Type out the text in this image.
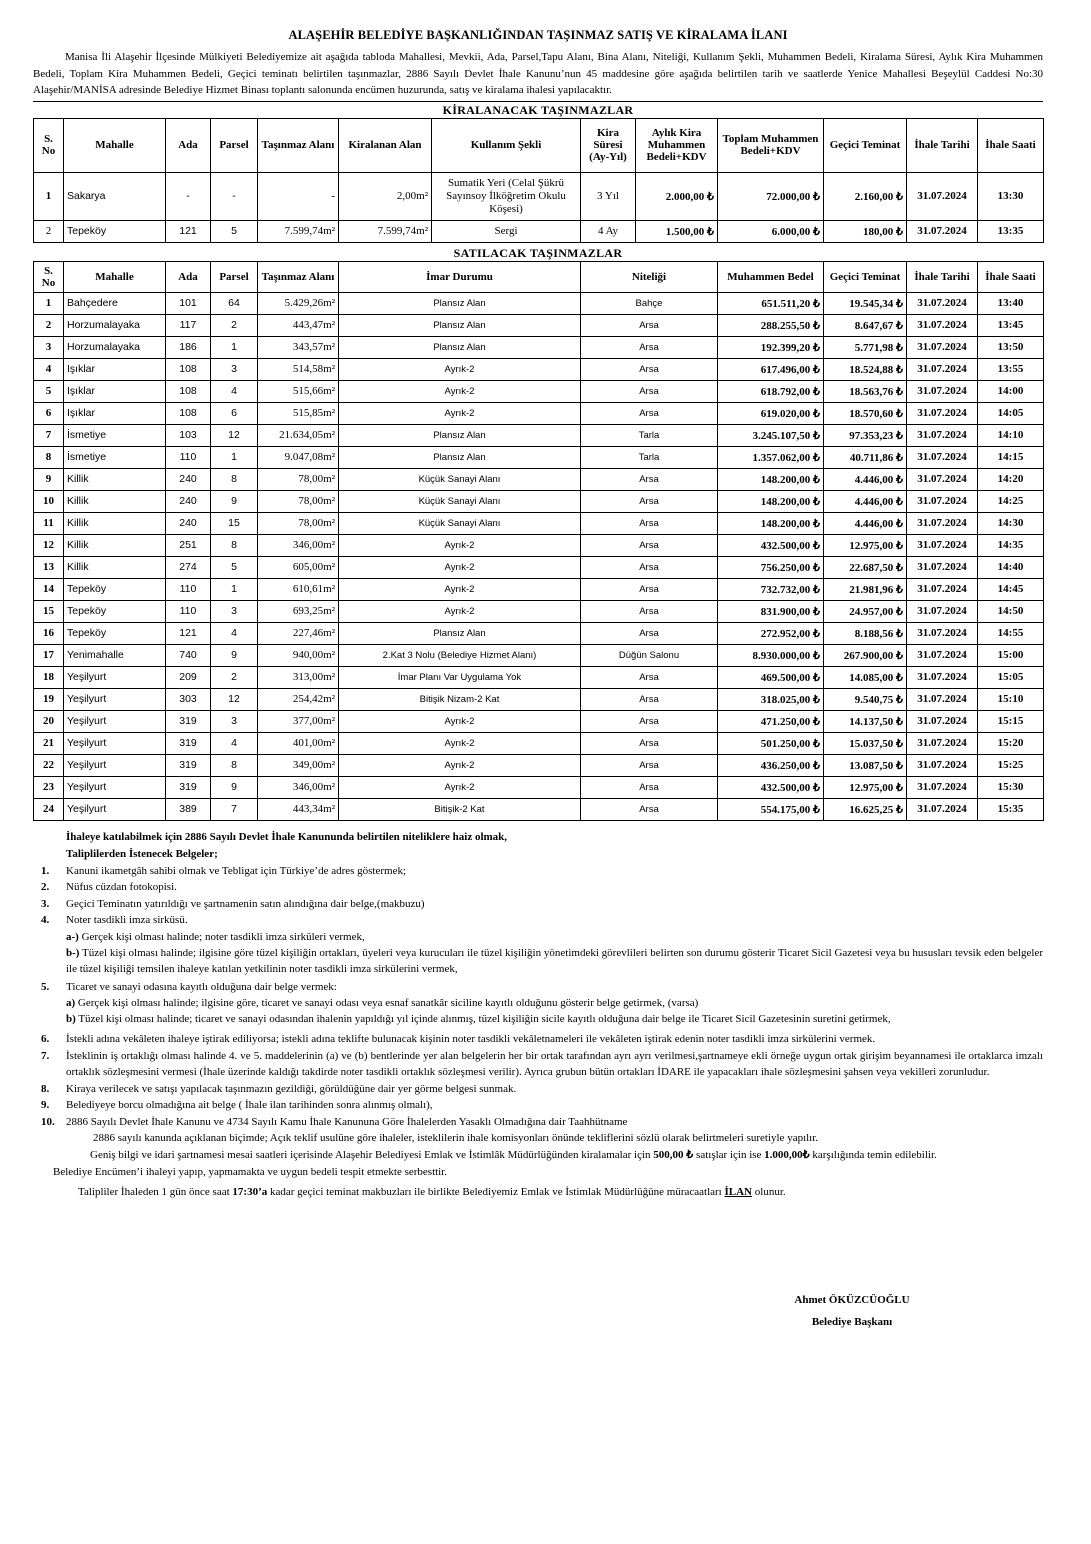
ALAŞEHİR BELEDİYE BAŞKANLIĞINDAN TAŞINMAZ SATIŞ VE KİRALAMA İLANI

Manisa İli Alaşehir İlçesinde Mülkiyeti Belediyemize ait aşağıda tabloda Mahallesi, Mevkii, Ada, Parsel,Tapu Alanı, Bina Alanı, Niteliği, Kullanım Şekli, Muhammen Bedeli, Kiralama Süresi, Aylık Kira Muhammen Bedeli, Toplam Kira Muhammen Bedeli, Geçici teminatı belirtilen taşınmazlar, 2886 Sayılı Devlet İhale Kanunu’nun 45 maddesine göre aşağıda belirtilen tarih ve saatlerde Yenice Mahallesi Beşeylül Caddesi No:30 Alaşehir/MANİSA adresinde Belediye Hizmet Binası toplantı salonunda encümen huzurunda, satış ve kiralama ihalesi yapılacaktır.

KİRALANACAK TAŞINMAZLAR
S. No	Mahalle	Ada	Parsel	Taşınmaz Alanı	Kiralanan Alan	Kullanım Şekli	Kira Süresi (Ay-Yıl)	Aylık Kira Muhammen Bedeli+KDV	Toplam Muhammen Bedeli+KDV	Geçici Teminat	İhale Tarihi	İhale Saati
1	Sakarya	-	-	-	2,00m²	Sumatik Yeri (Celal Şükrü Sayınsoy İlköğretim Okulu Köşesi)	3 Yıl	2.000,00 ₺	72.000,00 ₺	2.160,00 ₺	31.07.2024	13:30
2	Tepeköy	121	5	7.599,74m²	7.599,74m²	Sergi	4 Ay	1.500,00 ₺	6.000,00 ₺	180,00 ₺	31.07.2024	13:35
SATILACAK TAŞINMAZLAR
S. No	Mahalle	Ada	Parsel	Taşınmaz Alanı	İmar Durumu	Niteliği	Muhammen Bedel	Geçici Teminat	İhale Tarihi	İhale Saati
1	Bahçedere	101	64	5.429,26m²	Plansız Alan	Bahçe	651.511,20 ₺	19.545,34 ₺	31.07.2024	13:40
2	Horzumalayaka	117	2	443,47m²	Plansız Alan	Arsa	288.255,50 ₺	8.647,67 ₺	31.07.2024	13:45
3	Horzumalayaka	186	1	343,57m²	Plansız Alan	Arsa	192.399,20 ₺	5.771,98 ₺	31.07.2024	13:50
4	Işıklar	108	3	514,58m²	Ayrık-2	Arsa	617.496,00 ₺	18.524,88 ₺	31.07.2024	13:55
5	Işıklar	108	4	515,66m²	Ayrık-2	Arsa	618.792,00 ₺	18.563,76 ₺	31.07.2024	14:00
6	Işıklar	108	6	515,85m²	Ayrık-2	Arsa	619.020,00 ₺	18.570,60 ₺	31.07.2024	14:05
7	İsmetiye	103	12	21.634,05m²	Plansız Alan	Tarla	3.245.107,50 ₺	97.353,23 ₺	31.07.2024	14:10
8	İsmetiye	110	1	9.047,08m²	Plansız Alan	Tarla	1.357.062,00 ₺	40.711,86 ₺	31.07.2024	14:15
9	Killik	240	8	78,00m²	Küçük Sanayi Alanı	Arsa	148.200,00 ₺	4.446,00 ₺	31.07.2024	14:20
10	Killik	240	9	78,00m²	Küçük Sanayi Alanı	Arsa	148.200,00 ₺	4.446,00 ₺	31.07.2024	14:25
11	Killik	240	15	78,00m²	Küçük Sanayi Alanı	Arsa	148.200,00 ₺	4.446,00 ₺	31.07.2024	14:30
12	Killik	251	8	346,00m²	Ayrık-2	Arsa	432.500,00 ₺	12.975,00 ₺	31.07.2024	14:35
13	Killik	274	5	605,00m²	Ayrık-2	Arsa	756.250,00 ₺	22.687,50 ₺	31.07.2024	14:40
14	Tepeköy	110	1	610,61m²	Ayrık-2	Arsa	732.732,00 ₺	21.981,96 ₺	31.07.2024	14:45
15	Tepeköy	110	3	693,25m²	Ayrık-2	Arsa	831.900,00 ₺	24.957,00 ₺	31.07.2024	14:50
16	Tepeköy	121	4	227,46m²	Plansız Alan	Arsa	272.952,00 ₺	8.188,56 ₺	31.07.2024	14:55
17	Yenimahalle	740	9	940,00m²	2.Kat 3 Nolu (Belediye Hizmet Alanı)	Düğün Salonu	8.930.000,00 ₺	267.900,00 ₺	31.07.2024	15:00
18	Yeşilyurt	209	2	313,00m²	İmar Planı Var Uygulama Yok	Arsa	469.500,00 ₺	14.085,00 ₺	31.07.2024	15:05
19	Yeşilyurt	303	12	254,42m²	Bitişik Nizam-2 Kat	Arsa	318.025,00 ₺	9.540,75 ₺	31.07.2024	15:10
20	Yeşilyurt	319	3	377,00m²	Ayrık-2	Arsa	471.250,00 ₺	14.137,50 ₺	31.07.2024	15:15
21	Yeşilyurt	319	4	401,00m²	Ayrık-2	Arsa	501.250,00 ₺	15.037,50 ₺	31.07.2024	15:20
22	Yeşilyurt	319	8	349,00m²	Ayrık-2	Arsa	436.250,00 ₺	13.087,50 ₺	31.07.2024	15:25
23	Yeşilyurt	319	9	346,00m²	Ayrık-2	Arsa	432.500,00 ₺	12.975,00 ₺	31.07.2024	15:30
24	Yeşilyurt	389	7	443,34m²	Bitişik-2 Kat	Arsa	554.175,00 ₺	16.625,25 ₺	31.07.2024	15:35
İhaleye katılabilmek için 2886 Sayılı Devlet İhale Kanununda belirtilen niteliklere haiz olmak,
Taliplilerden İstenecek Belgeler;
1.	Kanuni ikametgâh sahibi olmak ve Tebligat için Türkiye’de adres göstermek;
2.	Nüfus cüzdan fotokopisi.
3.	Geçici Teminatın yatırıldığı ve şartnamenin satın alındığına dair belge,(makbuzu)
4.	Noter tasdikli imza sirküsü.
a-) Gerçek kişi olması halinde; noter tasdikli imza sirküleri vermek,
b-) Tüzel kişi olması halinde; ilgisine göre tüzel kişiliğin ortakları, üyeleri veya kurucuları ile tüzel kişiliğin yönetimdeki görevlileri belirten son durumu gösterir Ticaret Sicil Gazetesi veya bu hususları tevsik eden belgeler ile tüzel kişiliği temsilen ihaleye katılan yetkilinin noter tasdikli imza sirkülerini vermek,
5.	Ticaret ve sanayi odasına kayıtlı olduğuna dair belge vermek:
a) Gerçek kişi olması halinde; ilgisine göre, ticaret ve sanayi odası veya esnaf sanatkâr siciline kayıtlı olduğunu gösterir belge getirmek, (varsa)
b) Tüzel kişi olması halinde; ticaret ve sanayi odasından ihalenin yapıldığı yıl içinde alınmış, tüzel kişiliğin sicile kayıtlı olduğuna dair belge ile Ticaret Sicil Gazetesinin suretini getirmek,
6.	İstekli adına vekâleten ihaleye iştirak ediliyorsa; istekli adına teklifte bulunacak kişinin noter tasdikli vekâletnameleri ile vekâleten iştirak edenin noter tasdikli imza sirkülerini vermek.
7.	İsteklinin iş ortaklığı olması halinde 4. ve 5. maddelerinin (a) ve (b) bentlerinde yer alan belgelerin her bir ortak tarafından ayrı ayrı verilmesi,şartnameye ekli örneğe uygun ortak girişim beyannamesi ile ortaklarca imzalı ortaklık sözleşmesini vermesi (İhale üzerinde kaldığı takdirde noter tasdikli ortaklık sözleşmesi verilir). Ayrıca grubun bütün ortakları İDARE ile yapacakları ihale sözleşmesini şahsen veya vekilleri zorunludur.
8.	Kiraya verilecek ve satışı yapılacak taşınmazın gezildiği, görüldüğüne dair yer görme belgesi sunmak.
9.	Belediyeye borcu olmadığına ait belge ( İhale ilan tarihinden sonra alınmış olmalı),
10.	2886 Sayılı Devlet İhale Kanunu ve 4734 Sayılı Kamu İhale Kanununa Göre İhalelerden Yasaklı Olmadığına dair Taahhütname
2886 sayılı kanunda açıklanan biçimde; Açık teklif usulüne göre ihaleler, isteklilerin ihale komisyonları önünde tekliflerini sözlü olarak belirtmeleri suretiyle yapılır.
Geniş bilgi ve idari şartnamesi mesai saatleri içerisinde Alaşehir Belediyesi Emlak ve İstimlâk Müdürlüğünden kiralamalar için 500,00 ₺ satışlar için ise 1.000,00₺ karşılığında temin edilebilir.
Belediye Encümen’i ihaleyi yapıp, yapmamakta ve uygun bedeli tespit etmekte serbesttir.
Talipliler İhaleden 1 gün önce saat 17:30’a kadar geçici teminat makbuzları ile birlikte Belediyemiz Emlak ve İstimlak Müdürlüğüne müracaatları İLAN olunur.
Ahmet ÖKÜZCÜOĞLU
Belediye Başkanı
